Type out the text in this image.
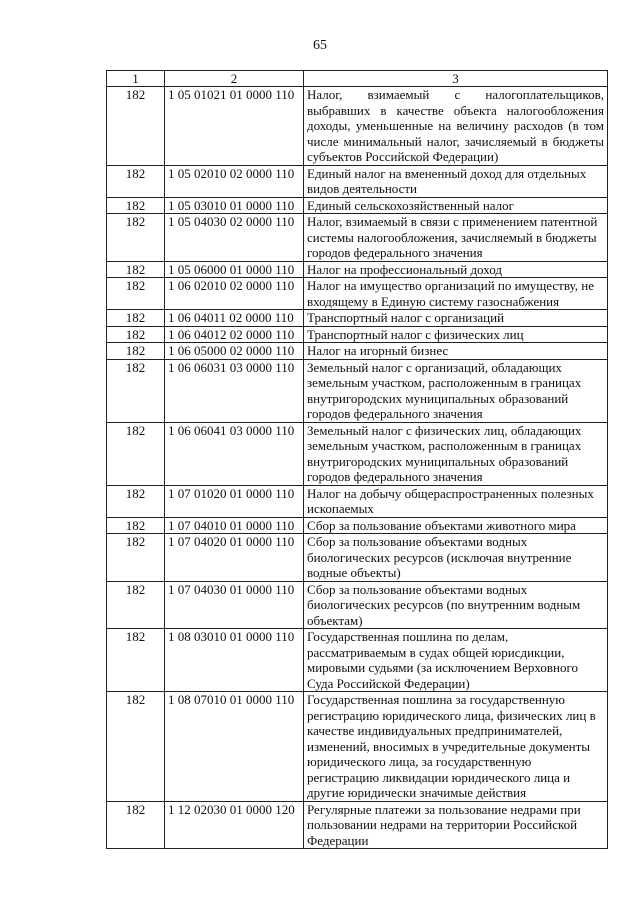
65
1	2	3
182	1 05 01021 01 0000 110	Налог, взимаемый с налогоплательщиков, выбравших в качестве объекта налогообложения доходы, уменьшенные на величину расходов (в том числе минимальный налог, зачисляемый в бюджеты субъектов Российской Федерации)
182	1 05 02010 02 0000 110	Единый налог на вмененный доход для отдельных видов деятельности
182	1 05 03010 01 0000 110	Единый сельскохозяйственный налог
182	1 05 04030 02 0000 110	Налог, взимаемый в связи с применением патентной системы налогообложения, зачисляемый в бюджеты городов федерального значения
182	1 05 06000 01 0000 110	Налог на профессиональный доход
182	1 06 02010 02 0000 110	Налог на имущество организаций по имуществу, не входящему в Единую систему газоснабжения
182	1 06 04011 02 0000 110	Транспортный налог с организаций
182	1 06 04012 02 0000 110	Транспортный налог с физических лиц
182	1 06 05000 02 0000 110	Налог на игорный бизнес
182	1 06 06031 03 0000 110	Земельный налог с организаций, обладающих земельным участком, расположенным в границах внутригородских муниципальных образований городов федерального значения
182	1 06 06041 03 0000 110	Земельный налог с физических лиц, обладающих земельным участком, расположенным в границах внутригородских муниципальных образований городов федерального значения
182	1 07 01020 01 0000 110	Налог на добычу общераспространенных полезных ископаемых
182	1 07 04010 01 0000 110	Сбор за пользование объектами животного мира
182	1 07 04020 01 0000 110	Сбор за пользование объектами водных биологических ресурсов (исключая внутренние водные объекты)
182	1 07 04030 01 0000 110	Сбор за пользование объектами водных биологических ресурсов (по внутренним водным объектам)
182	1 08 03010 01 0000 110	Государственная пошлина по делам, рассматриваемым в судах общей юрисдикции, мировыми судьями (за исключением Верховного Суда Российской Федерации)
182	1 08 07010 01 0000 110	Государственная пошлина за государственную регистрацию юридического лица, физических лиц в качестве индивидуальных предпринимателей, изменений, вносимых в учредительные документы юридического лица, за государственную регистрацию ликвидации юридического лица и другие юридически значимые действия
182	1 12 02030 01 0000 120	Регулярные платежи за пользование недрами при пользовании недрами на территории Российской Федерации
